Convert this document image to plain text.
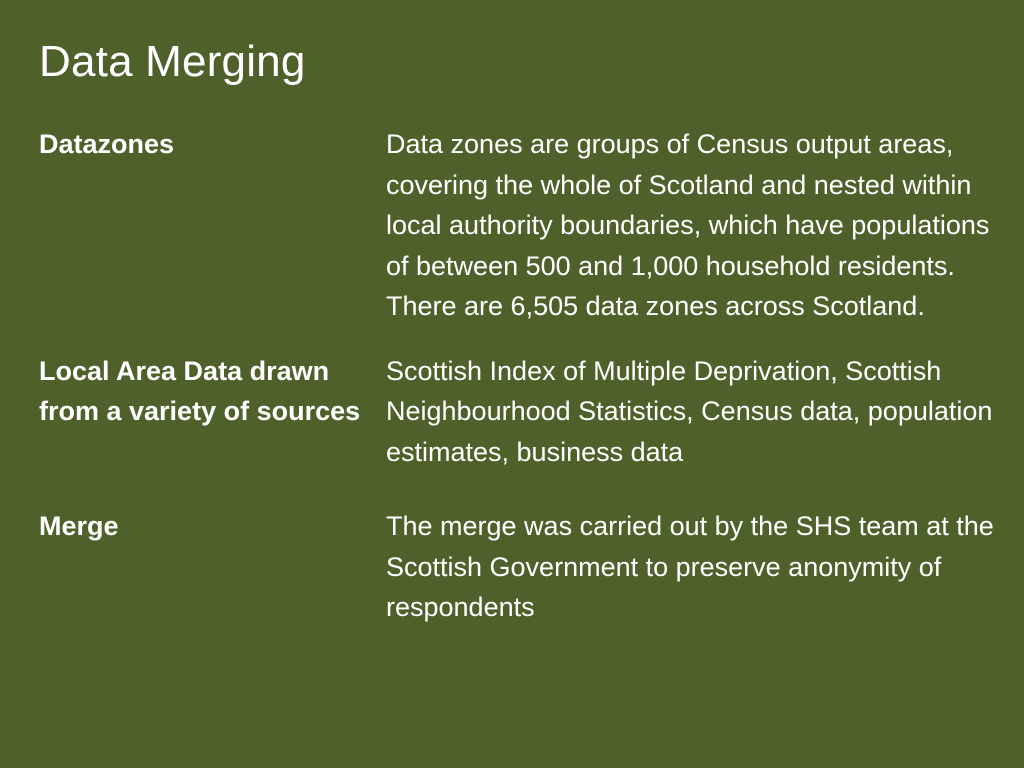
Data Merging
Datazones	Data zones are groups of Census output areas, covering the whole of Scotland and nested within local authority boundaries, which have populations of between 500 and 1,000 household residents. There are 6,505 data zones across Scotland.
Local Area Data drawn from a variety of sources
Scottish Index of Multiple Deprivation, Scottish Neighbourhood Statistics, Census data, population estimates, business data
Merge	The merge was carried out by the SHS team at the Scottish Government to preserve anonymity of respondents
